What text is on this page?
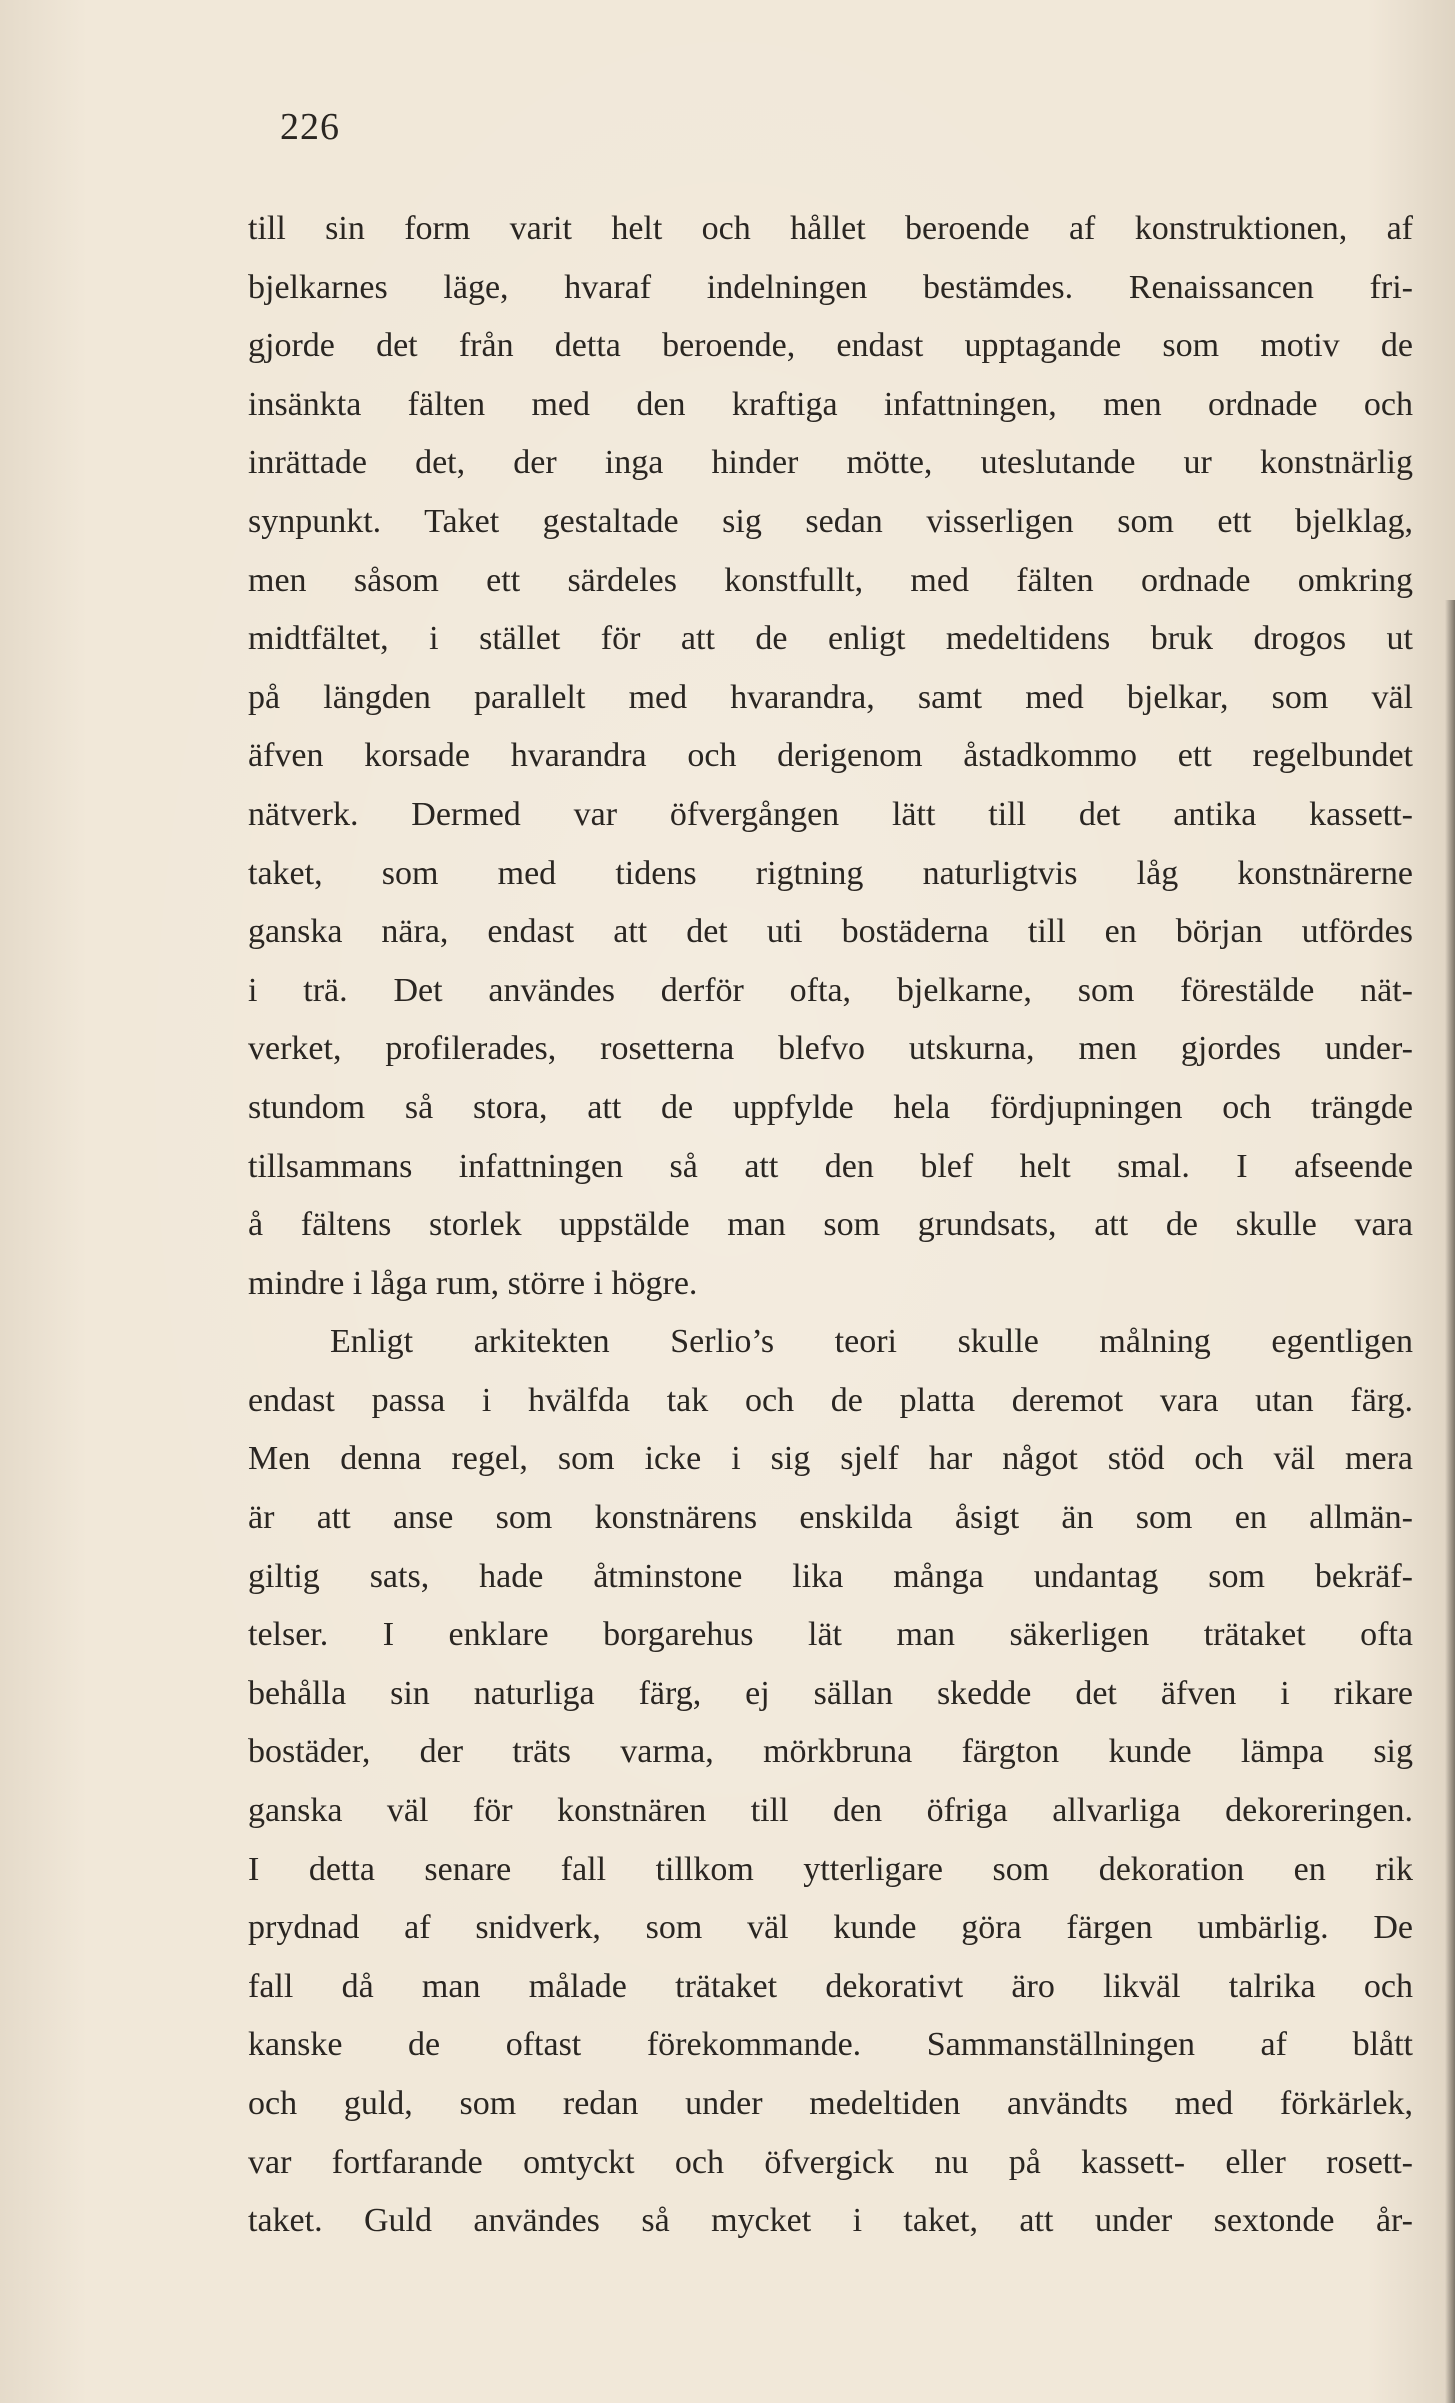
226
till sin form varit helt och hållet beroende af konstruktionen, af
bjelkarnes läge, hvaraf indelningen bestämdes. Renaissancen fri-
gjorde det från detta beroende, endast upptagande som motiv de
insänkta fälten med den kraftiga infattningen, men ordnade och
inrättade det, der inga hinder mötte, uteslutande ur konstnärlig
synpunkt. Taket gestaltade sig sedan visserligen som ett bjelklag,
men såsom ett särdeles konstfullt, med fälten ordnade omkring
midtfältet, i stället för att de enligt medeltidens bruk drogos ut
på längden parallelt med hvarandra, samt med bjelkar, som väl
äfven korsade hvarandra och derigenom åstadkommo ett regelbundet
nätverk. Dermed var öfvergången lätt till det antika kassett-
taket, som med tidens rigtning naturligtvis låg konstnärerne
ganska nära, endast att det uti bostäderna till en början utfördes
i trä. Det användes derför ofta, bjelkarne, som förestälde nät-
verket, profilerades, rosetterna blefvo utskurna, men gjordes under-
stundom så stora, att de uppfylde hela fördjupningen och trängde
tillsammans infattningen så att den blef helt smal. I afseende
å fältens storlek uppstälde man som grundsats, att de skulle vara
mindre i låga rum, större i högre.
Enligt arkitekten Serlio’s teori skulle målning egentligen
endast passa i hvälfda tak och de platta deremot vara utan färg.
Men denna regel, som icke i sig sjelf har något stöd och väl mera
är att anse som konstnärens enskilda åsigt än som en allmän-
giltig sats, hade åtminstone lika många undantag som bekräf-
telser. I enklare borgarehus lät man säkerligen trätaket ofta
behålla sin naturliga färg, ej sällan skedde det äfven i rikare
bostäder, der träts varma, mörkbruna färgton kunde lämpa sig
ganska väl för konstnären till den öfriga allvarliga dekoreringen.
I detta senare fall tillkom ytterligare som dekoration en rik
prydnad af snidverk, som väl kunde göra färgen umbärlig. De
fall då man målade trätaket dekorativt äro likväl talrika och
kanske de oftast förekommande. Sammanställningen af blått
och guld, som redan under medeltiden användts med förkärlek,
var fortfarande omtyckt och öfvergick nu på kassett- eller rosett-
taket. Guld användes så mycket i taket, att under sextonde år-
